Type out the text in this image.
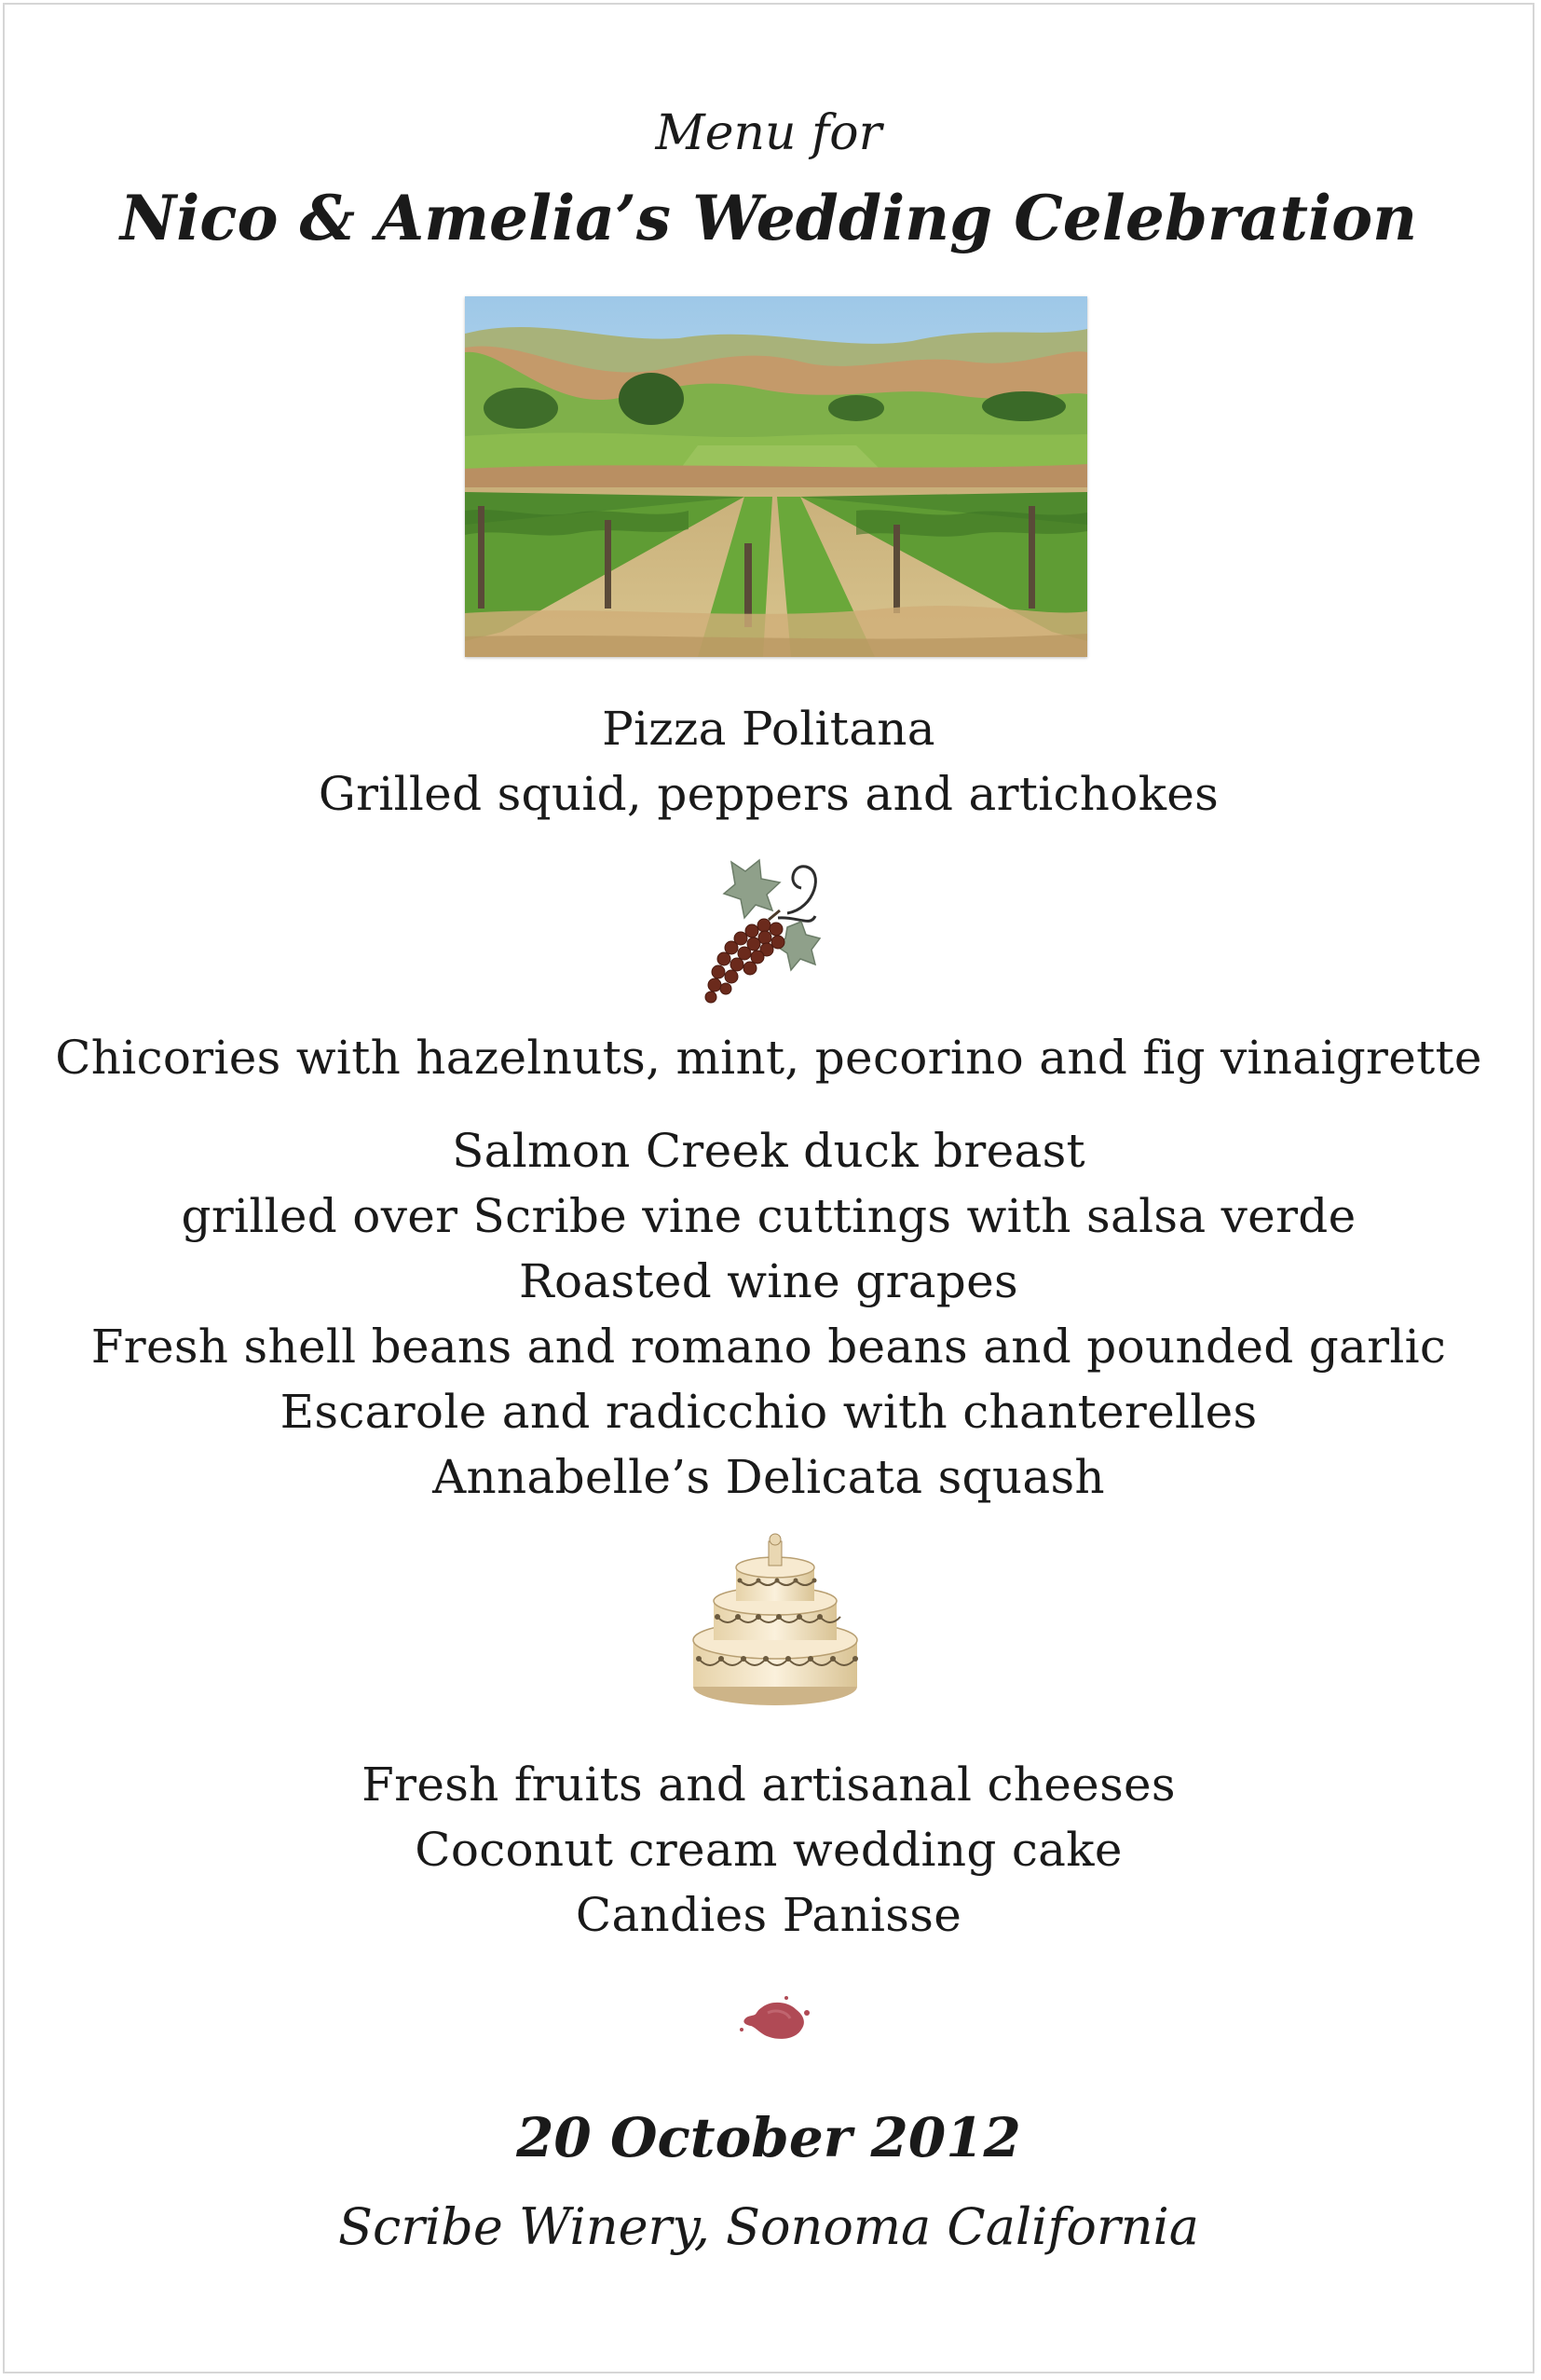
Menu for
Nico & Amelia’s Wedding Celebration
Pizza Politana
Grilled squid, peppers and artichokes
Chicories with hazelnuts, mint, pecorino and fig vinaigrette
Salmon Creek duck breast
grilled over Scribe vine cuttings with salsa verde
Roasted wine grapes
Fresh shell beans and romano beans and pounded garlic
Escarole and radicchio with chanterelles
Annabelle’s Delicata squash
Fresh fruits and artisanal cheeses
Coconut cream wedding cake
Candies Panisse
20 October 2012
Scribe Winery, Sonoma California
